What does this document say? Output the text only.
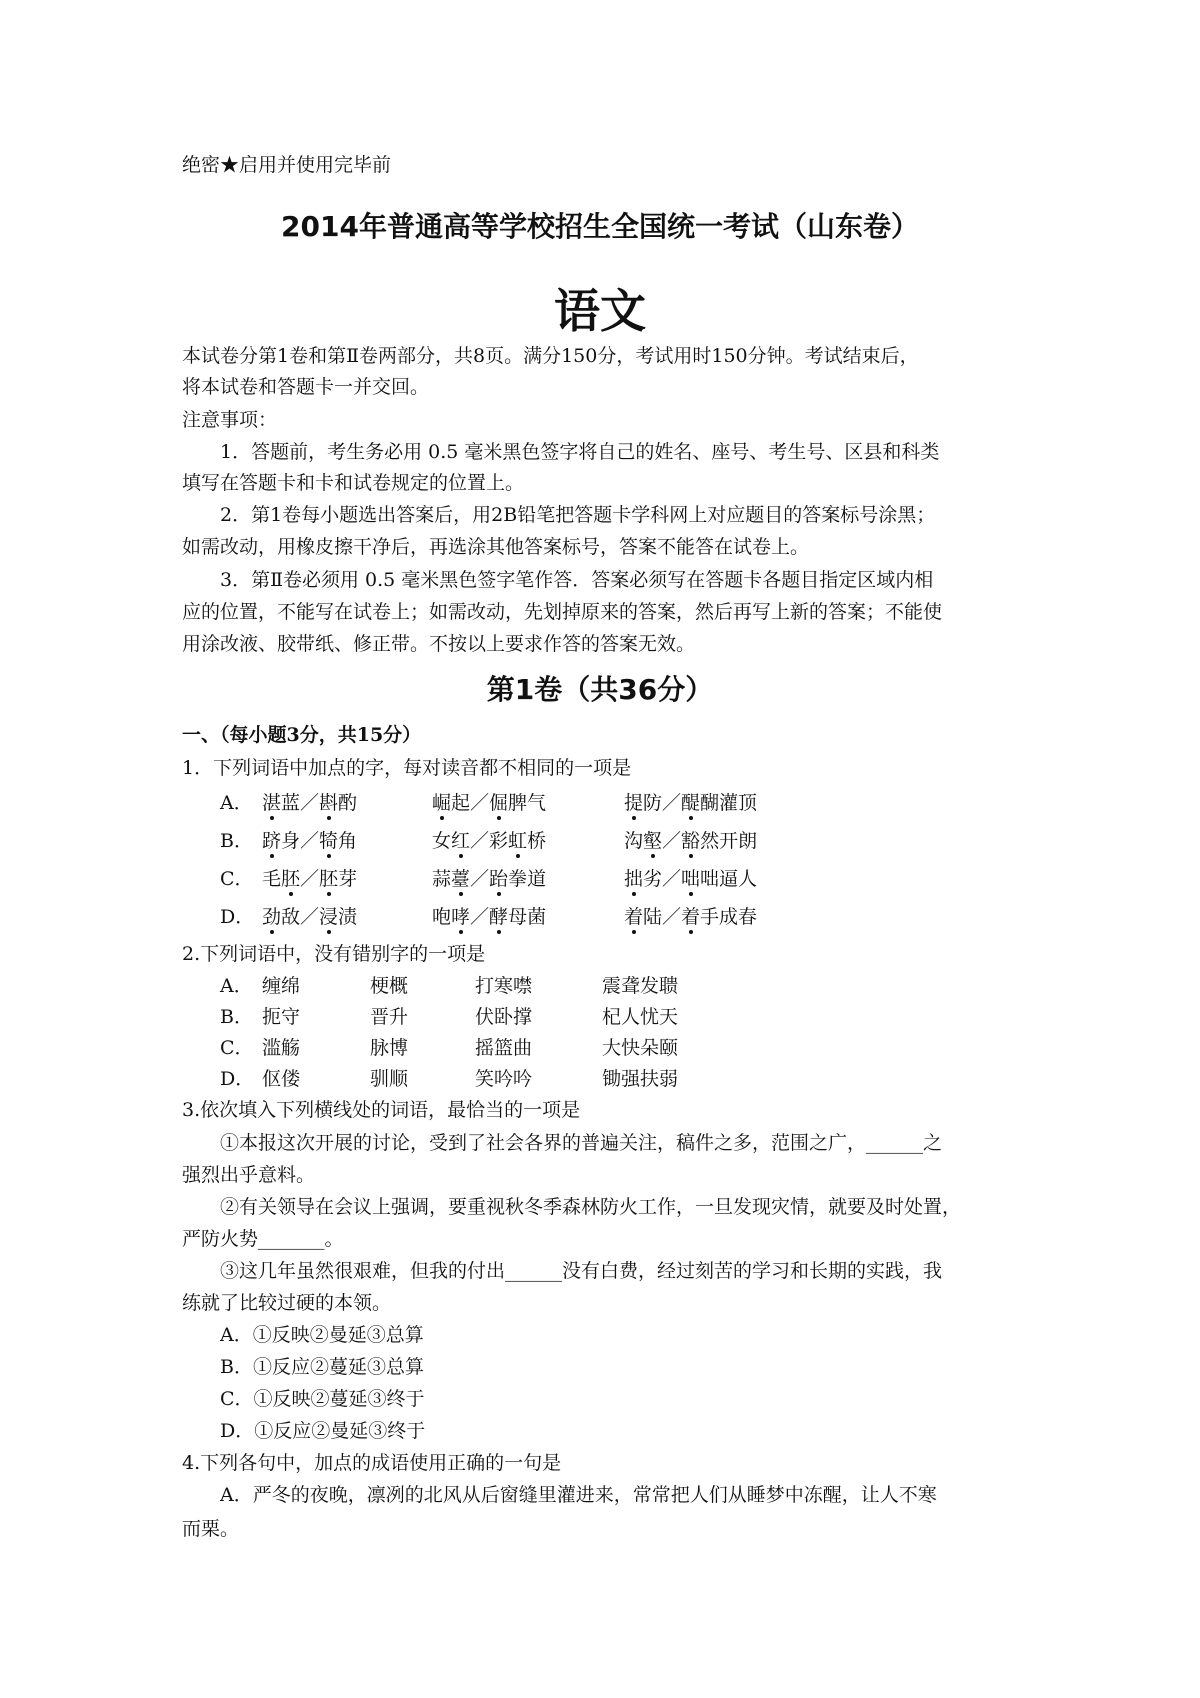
绝密★启用并使用完毕前
2014年普通高等学校招生全国统一考试（山东卷）
语文
本试卷分第1卷和第Ⅱ卷两部分，共8页。满分150分，考试用时150分钟。考试结束后，
将本试卷和答题卡一并交回。
注意事项：
1．答题前，考生务必用 0.5 毫米黑色签字将自己的姓名、座号、考生号、区县和科类
填写在答题卡和卡和试卷规定的位置上。
2．第1卷每小题选出答案后，用2B铅笔把答题卡学科网上对应题目的答案标号涂黑；
如需改动，用橡皮擦干净后，再选涂其他答案标号，答案不能答在试卷上。
3．第Ⅱ卷必须用 0.5 毫米黑色签字笔作答．答案必须写在答题卡各题目指定区域内相
应的位置，不能写在试卷上；如需改动，先划掉原来的答案，然后再写上新的答案；不能使
用涂改液、胶带纸、修正带。不按以上要求作答的答案无效。
第1卷（共36分）
一、（每小题3分，共15分）
1．下列词语中加点的字，每对读音都不相同的一项是
A． 湛蓝／斟酌	崛起／倔脾气	提防／醍醐灌顶
B． 跻身／犄角	女红／彩虹桥	沟壑／豁然开朗
C． 毛胚／胚芽	蒜薹／跆拳道	拙劣／咄咄逼人
D． 劲敌／浸渍	咆哮／酵母菌	着陆／着手成春
2.下列词语中，没有错别字的一项是
A． 缠绵	梗概	打寒噤	震聋发聩
B． 扼守	晋升	伏卧撑	杞人忧天
C． 滥觞	脉博	摇篮曲	大快朵颐
D． 伛偻	驯顺	笑吟吟	锄强扶弱
3.依次填入下列横线处的词语，最恰当的一项是
①本报这次开展的讨论，受到了社会各界的普遍关注，稿件之多，范围之广，______之
强烈出乎意料。
②有关领导在会议上强调，要重视秋冬季森林防火工作，一旦发现灾情，就要及时处置，
严防火势_______。
③这几年虽然很艰难，但我的付出______没有白费，经过刻苦的学习和长期的实践，我
练就了比较过硬的本领。
A．①反映②曼延③总算
B．①反应②蔓延③总算
C．①反映②蔓延③终于
D．①反应②曼延③终于
4.下列各句中，加点的成语使用正确的一句是
A．严冬的夜晚，凛冽的北风从后窗缝里灌进来，常常把人们从睡梦中冻醒，让人不寒
而栗。
